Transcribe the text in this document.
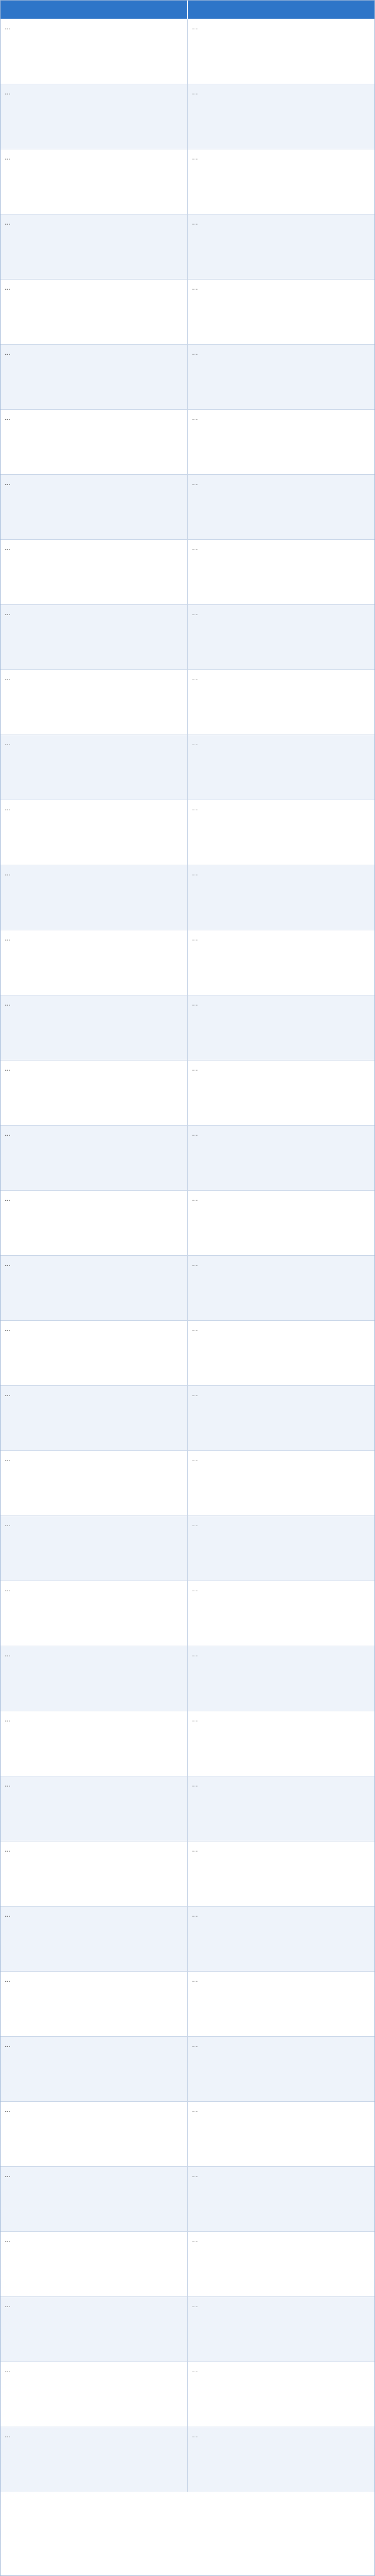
…	…
…	…
…	…
…	…
…	…
…	…
…	…
…	…
…	…
…	…
…	…
…	…
…	…
…	…
…	…
…	…
…	…
…	…
…	…
…	…
…	…
…	…
…	…
…	…
…	…
…	…
…	…
…	…
…	…
…	…
…	…
…	…
…	…
…	…
…	…
…	…
…	…
…	…
